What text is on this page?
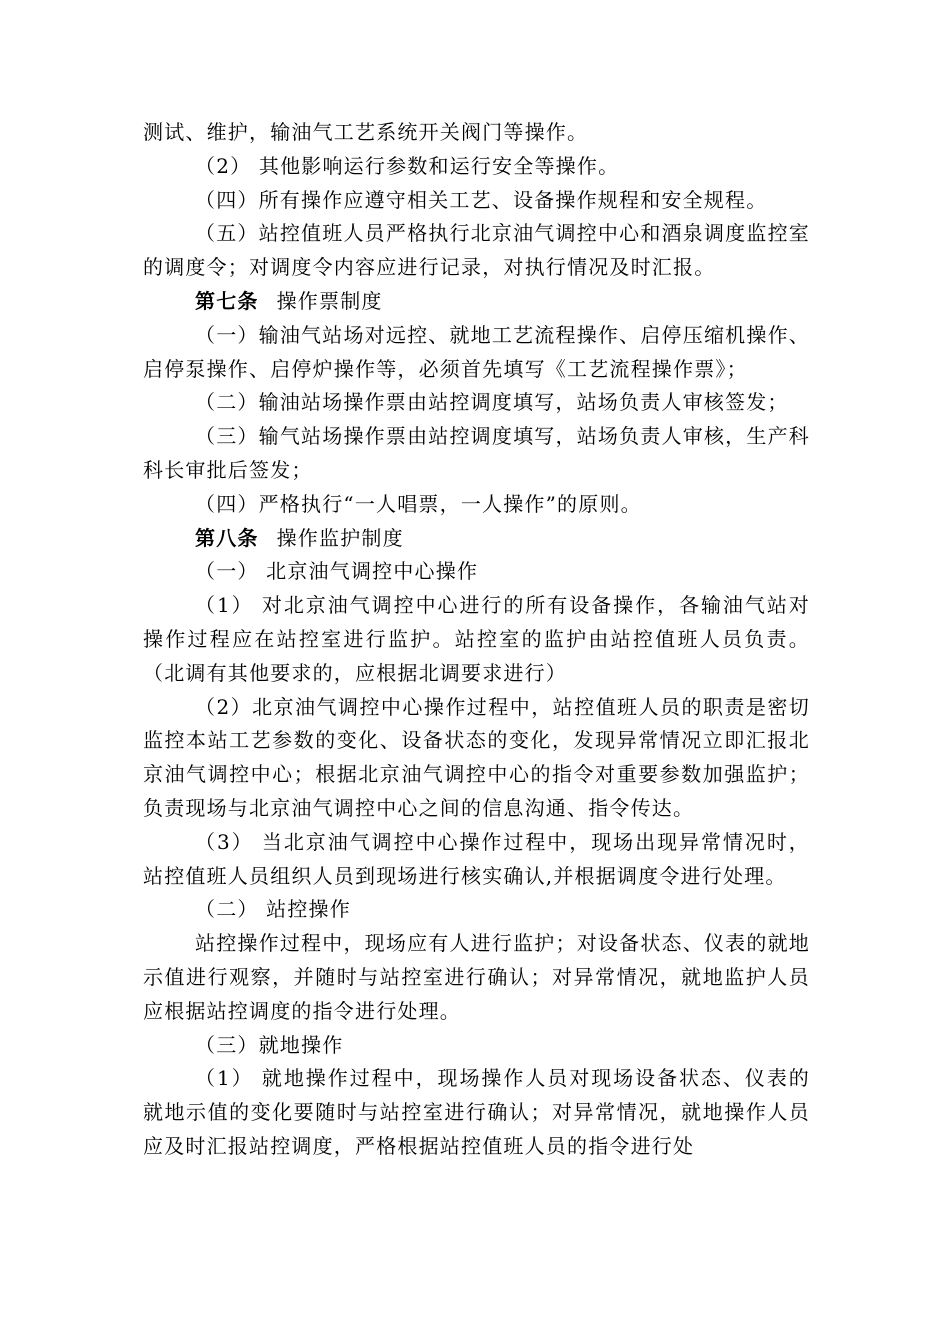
测试、维护，输油气工艺系统开关阀门等操作。

（2） 其他影响运行参数和运行安全等操作。

（四）所有操作应遵守相关工艺、设备操作规程和安全规程。

（五）站控值班人员严格执行北京油气调控中心和酒泉调度监控室的调度令；对调度令内容应进行记录，对执行情况及时汇报。

第七条 操作票制度

（一）输油气站场对远控、就地工艺流程操作、启停压缩机操作、启停泵操作、启停炉操作等，必须首先填写《工艺流程操作票》；

（二）输油站场操作票由站控调度填写，站场负责人审核签发；

（三）输气站场操作票由站控调度填写，站场负责人审核，生产科科长审批后签发；

（四）严格执行“一人唱票，一人操作”的原则。

第八条 操作监护制度

（一） 北京油气调控中心操作

（1） 对北京油气调控中心进行的所有设备操作，各输油气站对操作过程应在站控室进行监护。站控室的监护由站控值班人员负责。（北调有其他要求的，应根据北调要求进行）

（2）北京油气调控中心操作过程中，站控值班人员的职责是密切监控本站工艺参数的变化、设备状态的变化，发现异常情况立即汇报北京油气调控中心；根据北京油气调控中心的指令对重要参数加强监护；负责现场与北京油气调控中心之间的信息沟通、指令传达。

（3） 当北京油气调控中心操作过程中，现场出现异常情况时，站控值班人员组织人员到现场进行核实确认,并根据调度令进行处理。

（二） 站控操作

站控操作过程中，现场应有人进行监护；对设备状态、仪表的就地示值进行观察，并随时与站控室进行确认；对异常情况，就地监护人员应根据站控调度的指令进行处理。

（三）就地操作

（1） 就地操作过程中，现场操作人员对现场设备状态、仪表的就地示值的变化要随时与站控室进行确认；对异常情况，就地操作人员应及时汇报站控调度，严格根据站控值班人员的指令进行处
